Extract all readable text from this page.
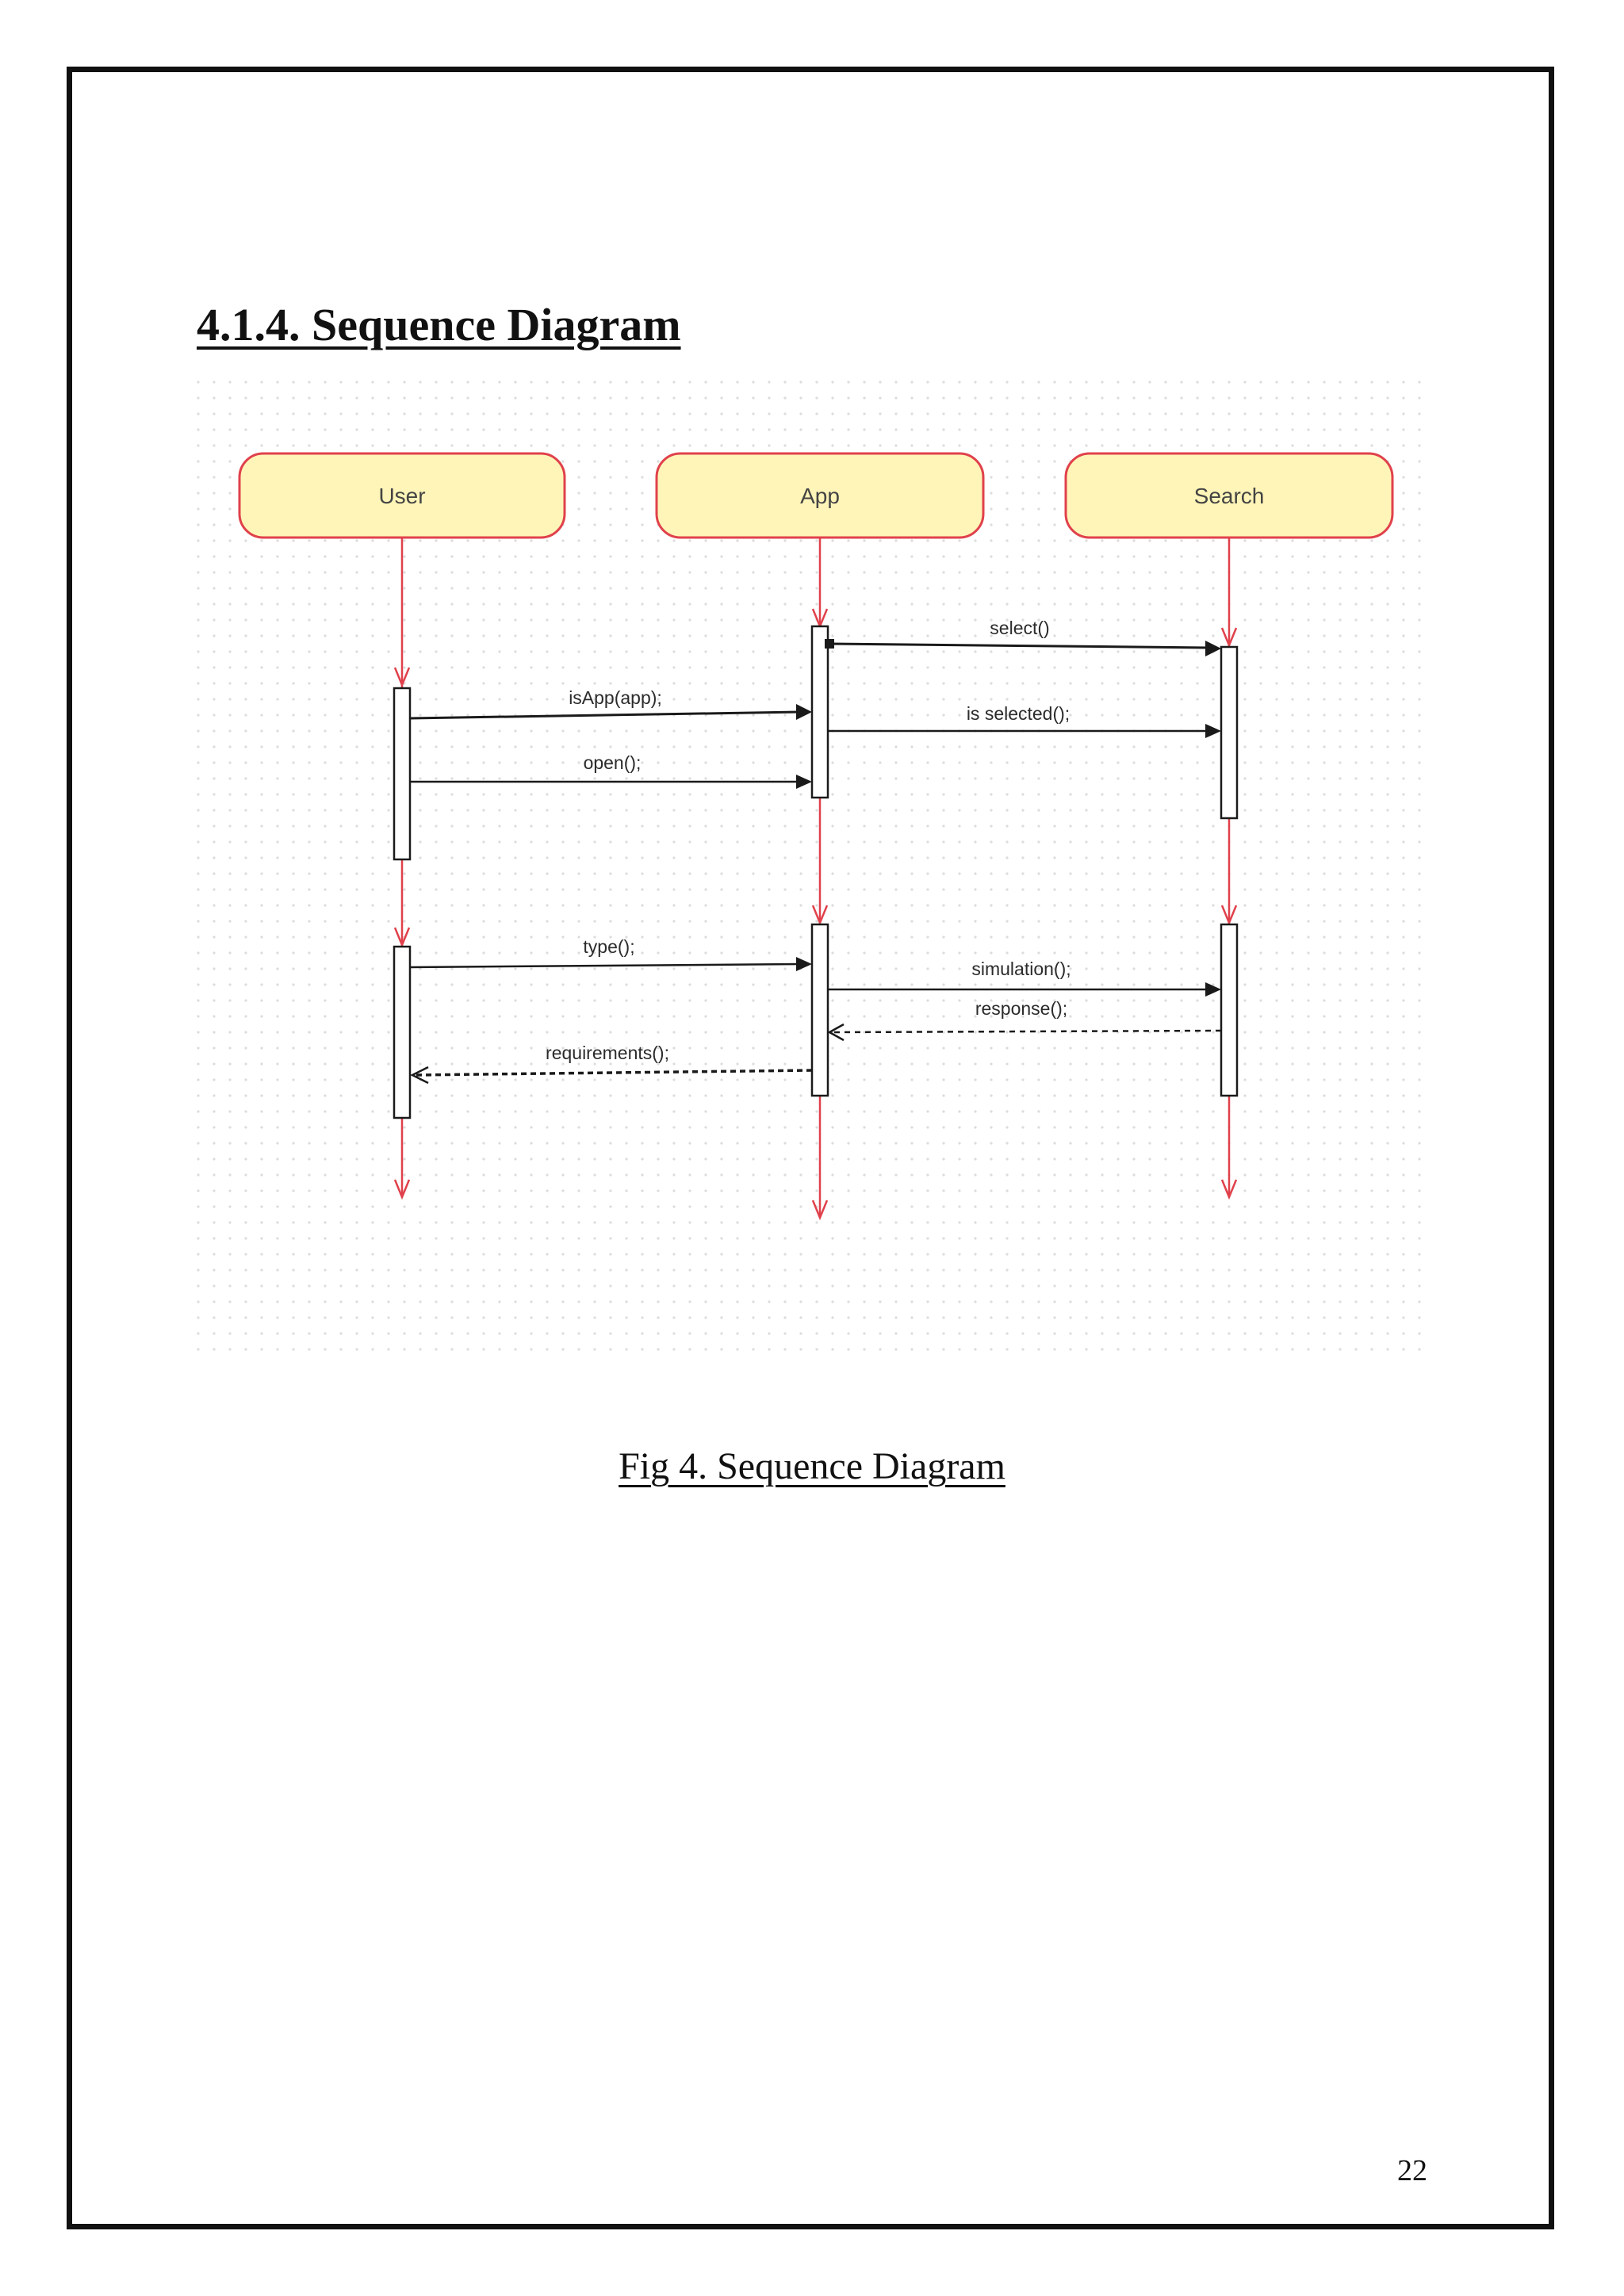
4.1.4. Sequence Diagram
User	App	Search
select()
isApp(app);
is selected();
open();
type();
simulation();
response();
requirements();
Fig 4. Sequence Diagram
22
